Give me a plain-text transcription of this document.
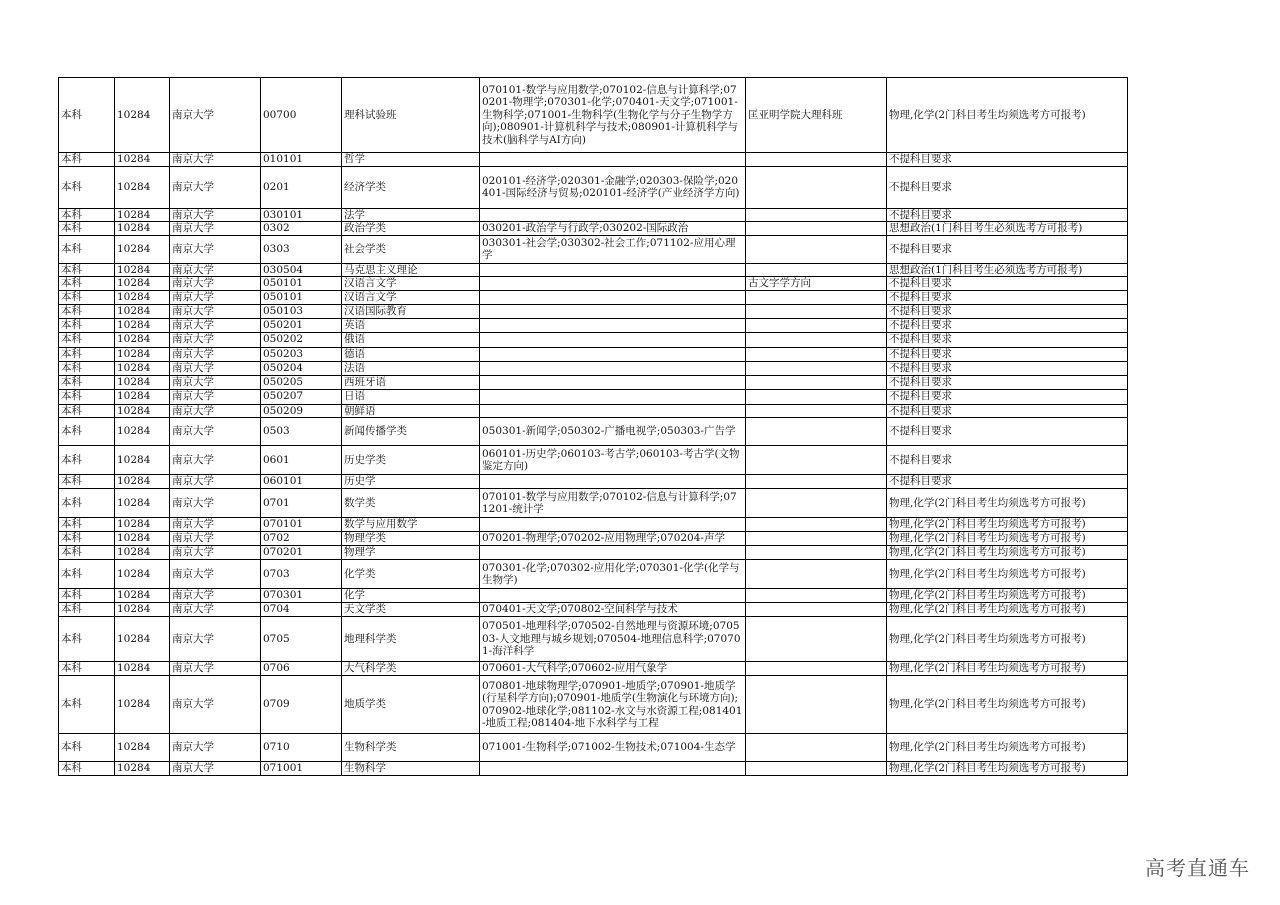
本科	10284	南京大学	00700	理科试验班	070101-数学与应用数学;070102-信息与计算科学;070201-物理学;070301-化学;070401-天文学;071001-生物科学;071001-生物科学(生物化学与分子生物学方向);080901-计算机科学与技术;080901-计算机科学与技术(脑科学与AI方向)	匡亚明学院大理科班	物理,化学(2门科目考生均须选考方可报考)
本科	10284	南京大学	010101	哲学			不提科目要求
本科	10284	南京大学	0201	经济学类	020101-经济学;020301-金融学;020303-保险学;020401-国际经济与贸易;020101-经济学(产业经济学方向)		不提科目要求
本科	10284	南京大学	030101	法学			不提科目要求
本科	10284	南京大学	0302	政治学类	030201-政治学与行政学;030202-国际政治		思想政治(1门科目考生必须选考方可报考)
本科	10284	南京大学	0303	社会学类	030301-社会学;030302-社会工作;071102-应用心理学		不提科目要求
本科	10284	南京大学	030504	马克思主义理论			思想政治(1门科目考生必须选考方可报考)
本科	10284	南京大学	050101	汉语言文学		古文字学方向	不提科目要求
本科	10284	南京大学	050101	汉语言文学			不提科目要求
本科	10284	南京大学	050103	汉语国际教育			不提科目要求
本科	10284	南京大学	050201	英语			不提科目要求
本科	10284	南京大学	050202	俄语			不提科目要求
本科	10284	南京大学	050203	德语			不提科目要求
本科	10284	南京大学	050204	法语			不提科目要求
本科	10284	南京大学	050205	西班牙语			不提科目要求
本科	10284	南京大学	050207	日语			不提科目要求
本科	10284	南京大学	050209	朝鲜语			不提科目要求
本科	10284	南京大学	0503	新闻传播学类	050301-新闻学;050302-广播电视学;050303-广告学		不提科目要求
本科	10284	南京大学	0601	历史学类	060101-历史学;060103-考古学;060103-考古学(文物鉴定方向)		不提科目要求
本科	10284	南京大学	060101	历史学			不提科目要求
本科	10284	南京大学	0701	数学类	070101-数学与应用数学;070102-信息与计算科学;071201-统计学		物理,化学(2门科目考生均须选考方可报考)
本科	10284	南京大学	070101	数学与应用数学			物理,化学(2门科目考生均须选考方可报考)
本科	10284	南京大学	0702	物理学类	070201-物理学;070202-应用物理学;070204-声学		物理,化学(2门科目考生均须选考方可报考)
本科	10284	南京大学	070201	物理学			物理,化学(2门科目考生均须选考方可报考)
本科	10284	南京大学	0703	化学类	070301-化学;070302-应用化学;070301-化学(化学与生物学)		物理,化学(2门科目考生均须选考方可报考)
本科	10284	南京大学	070301	化学			物理,化学(2门科目考生均须选考方可报考)
本科	10284	南京大学	0704	天文学类	070401-天文学;070802-空间科学与技术		物理,化学(2门科目考生均须选考方可报考)
本科	10284	南京大学	0705	地理科学类	070501-地理科学;070502-自然地理与资源环境;070503-人文地理与城乡规划;070504-地理信息科学;070701-海洋科学		物理,化学(2门科目考生均须选考方可报考)
本科	10284	南京大学	0706	大气科学类	070601-大气科学;070602-应用气象学		物理,化学(2门科目考生均须选考方可报考)
本科	10284	南京大学	0709	地质学类	070801-地球物理学;070901-地质学;070901-地质学(行星科学方向);070901-地质学(生物演化与环境方向);070902-地球化学;081102-水文与水资源工程;081401-地质工程;081404-地下水科学与工程		物理,化学(2门科目考生均须选考方可报考)
本科	10284	南京大学	0710	生物科学类	071001-生物科学;071002-生物技术;071004-生态学		物理,化学(2门科目考生均须选考方可报考)
本科	10284	南京大学	071001	生物科学			物理,化学(2门科目考生均须选考方可报考)
高考直通车
